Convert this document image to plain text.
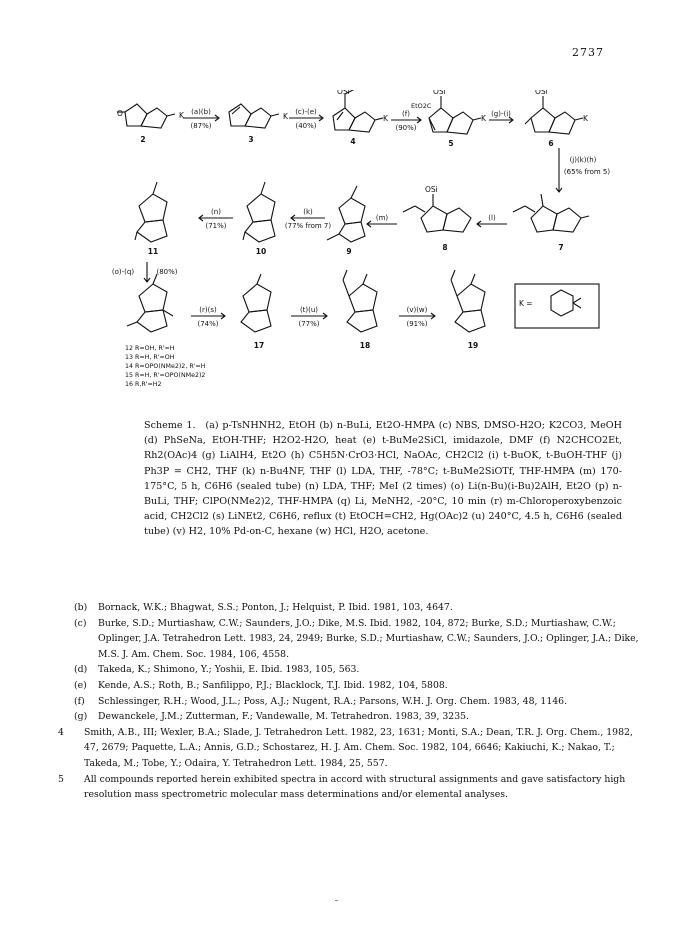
2737
O	K	K	K	K	K
OSi	OSi	OSi
EtO2C
OSi
K =
(a)(b)
(87%)
(c)-(e)
(40%)
(f)
(90%)
(g)-(i)
(j)(k)(h)
(65% from 5)
(l)
(m)
(k)
(77% from 7)
(n)
(71%)
(o)-(q)	(80%)
(r)(s)
(74%)
(t)(u)
(77%)
(v)(w)
(91%)
2	3	4	5	6
7
8
9
10
11
17	18	19
12 R=OH, R'=H
13 R=H, R'=OH
14 R=OPO(NMe2)2, R'=H
15 R=H, R'=OPO(NMe2)2
16 R,R'=H2
Scheme 1. (a) p-TsNHNH2, EtOH (b) n-BuLi, Et2O-HMPA (c) NBS, DMSO-H2O; K2CO3, MeOH (d) PhSeNa, EtOH-THF; H2O2-H2O, heat (e) t-BuMe2SiCl, imidazole, DMF (f) N2CHCO2Et, Rh2(OAc)4 (g) LiAlH4, Et2O (h) C5H5N·CrO3·HCl, NaOAc, CH2Cl2 (i) t-BuOK, t-BuOH-THF (j) Ph3P = CH2, THF (k) n-Bu4NF, THF (l) LDA, THF, -78°C; t-BuMe2SiOTf, THF-HMPA (m) 170-175°C, 5 h, C6H6 (sealed tube) (n) LDA, THF; MeI (2 times) (o) Li(n-Bu)(i-Bu)2AlH, Et2O (p) n-BuLi, THF; ClPO(NMe2)2, THF-HMPA (q) Li, MeNH2, -20°C, 10 min (r) m-Chloroperoxybenzoic acid, CH2Cl2 (s) LiNEt2, C6H6, reflux (t) EtOCH=CH2, Hg(OAc)2 (u) 240°C, 4.5 h, C6H6 (sealed tube) (v) H2, 10% Pd-on-C, hexane (w) HCl, H2O, acetone.
(b)	Bornack, W.K.; Bhagwat, S.S.; Ponton, J.; Helquist, P. Ibid. 1981, 103, 4647.
(c)	Burke, S.D.; Murtiashaw, C.W.; Saunders, J.O.; Dike, M.S. Ibid. 1982, 104, 872; Burke, S.D.; Murtiashaw, C.W.; Oplinger, J.A. Tetrahedron Lett. 1983, 24, 2949; Burke, S.D.; Murtiashaw, C.W.; Saunders, J.O.; Oplinger, J.A.; Dike, M.S. J. Am. Chem. Soc. 1984, 106, 4558.
(d)	Takeda, K.; Shimono, Y.; Yoshii, E. Ibid. 1983, 105, 563.
(e)	Kende, A.S.; Roth, B.; Sanfilippo, P.J.; Blacklock, T.J. Ibid. 1982, 104, 5808.
(f)	Schlessinger, R.H.; Wood, J.L.; Poss, A.J.; Nugent, R.A.; Parsons, W.H. J. Org. Chem. 1983, 48, 1146.
(g)	Dewanckele, J.M.; Zutterman, F.; Vandewalle, M. Tetrahedron. 1983, 39, 3235.
4	Smith, A.B., III; Wexler, B.A.; Slade, J. Tetrahedron Lett. 1982, 23, 1631; Monti, S.A.; Dean, T.R. J. Org. Chem., 1982, 47, 2679; Paquette, L.A.; Annis, G.D.; Schostarez, H. J. Am. Chem. Soc. 1982, 104, 6646; Kakiuchi, K.; Nakao, T.; Takeda, M.; Tobe, Y.; Odaira, Y. Tetrahedron Lett. 1984, 25, 557.
5	All compounds reported herein exhibited spectra in accord with structural assignments and gave satisfactory high resolution mass spectrometric molecular mass determinations and/or elemental analyses.
